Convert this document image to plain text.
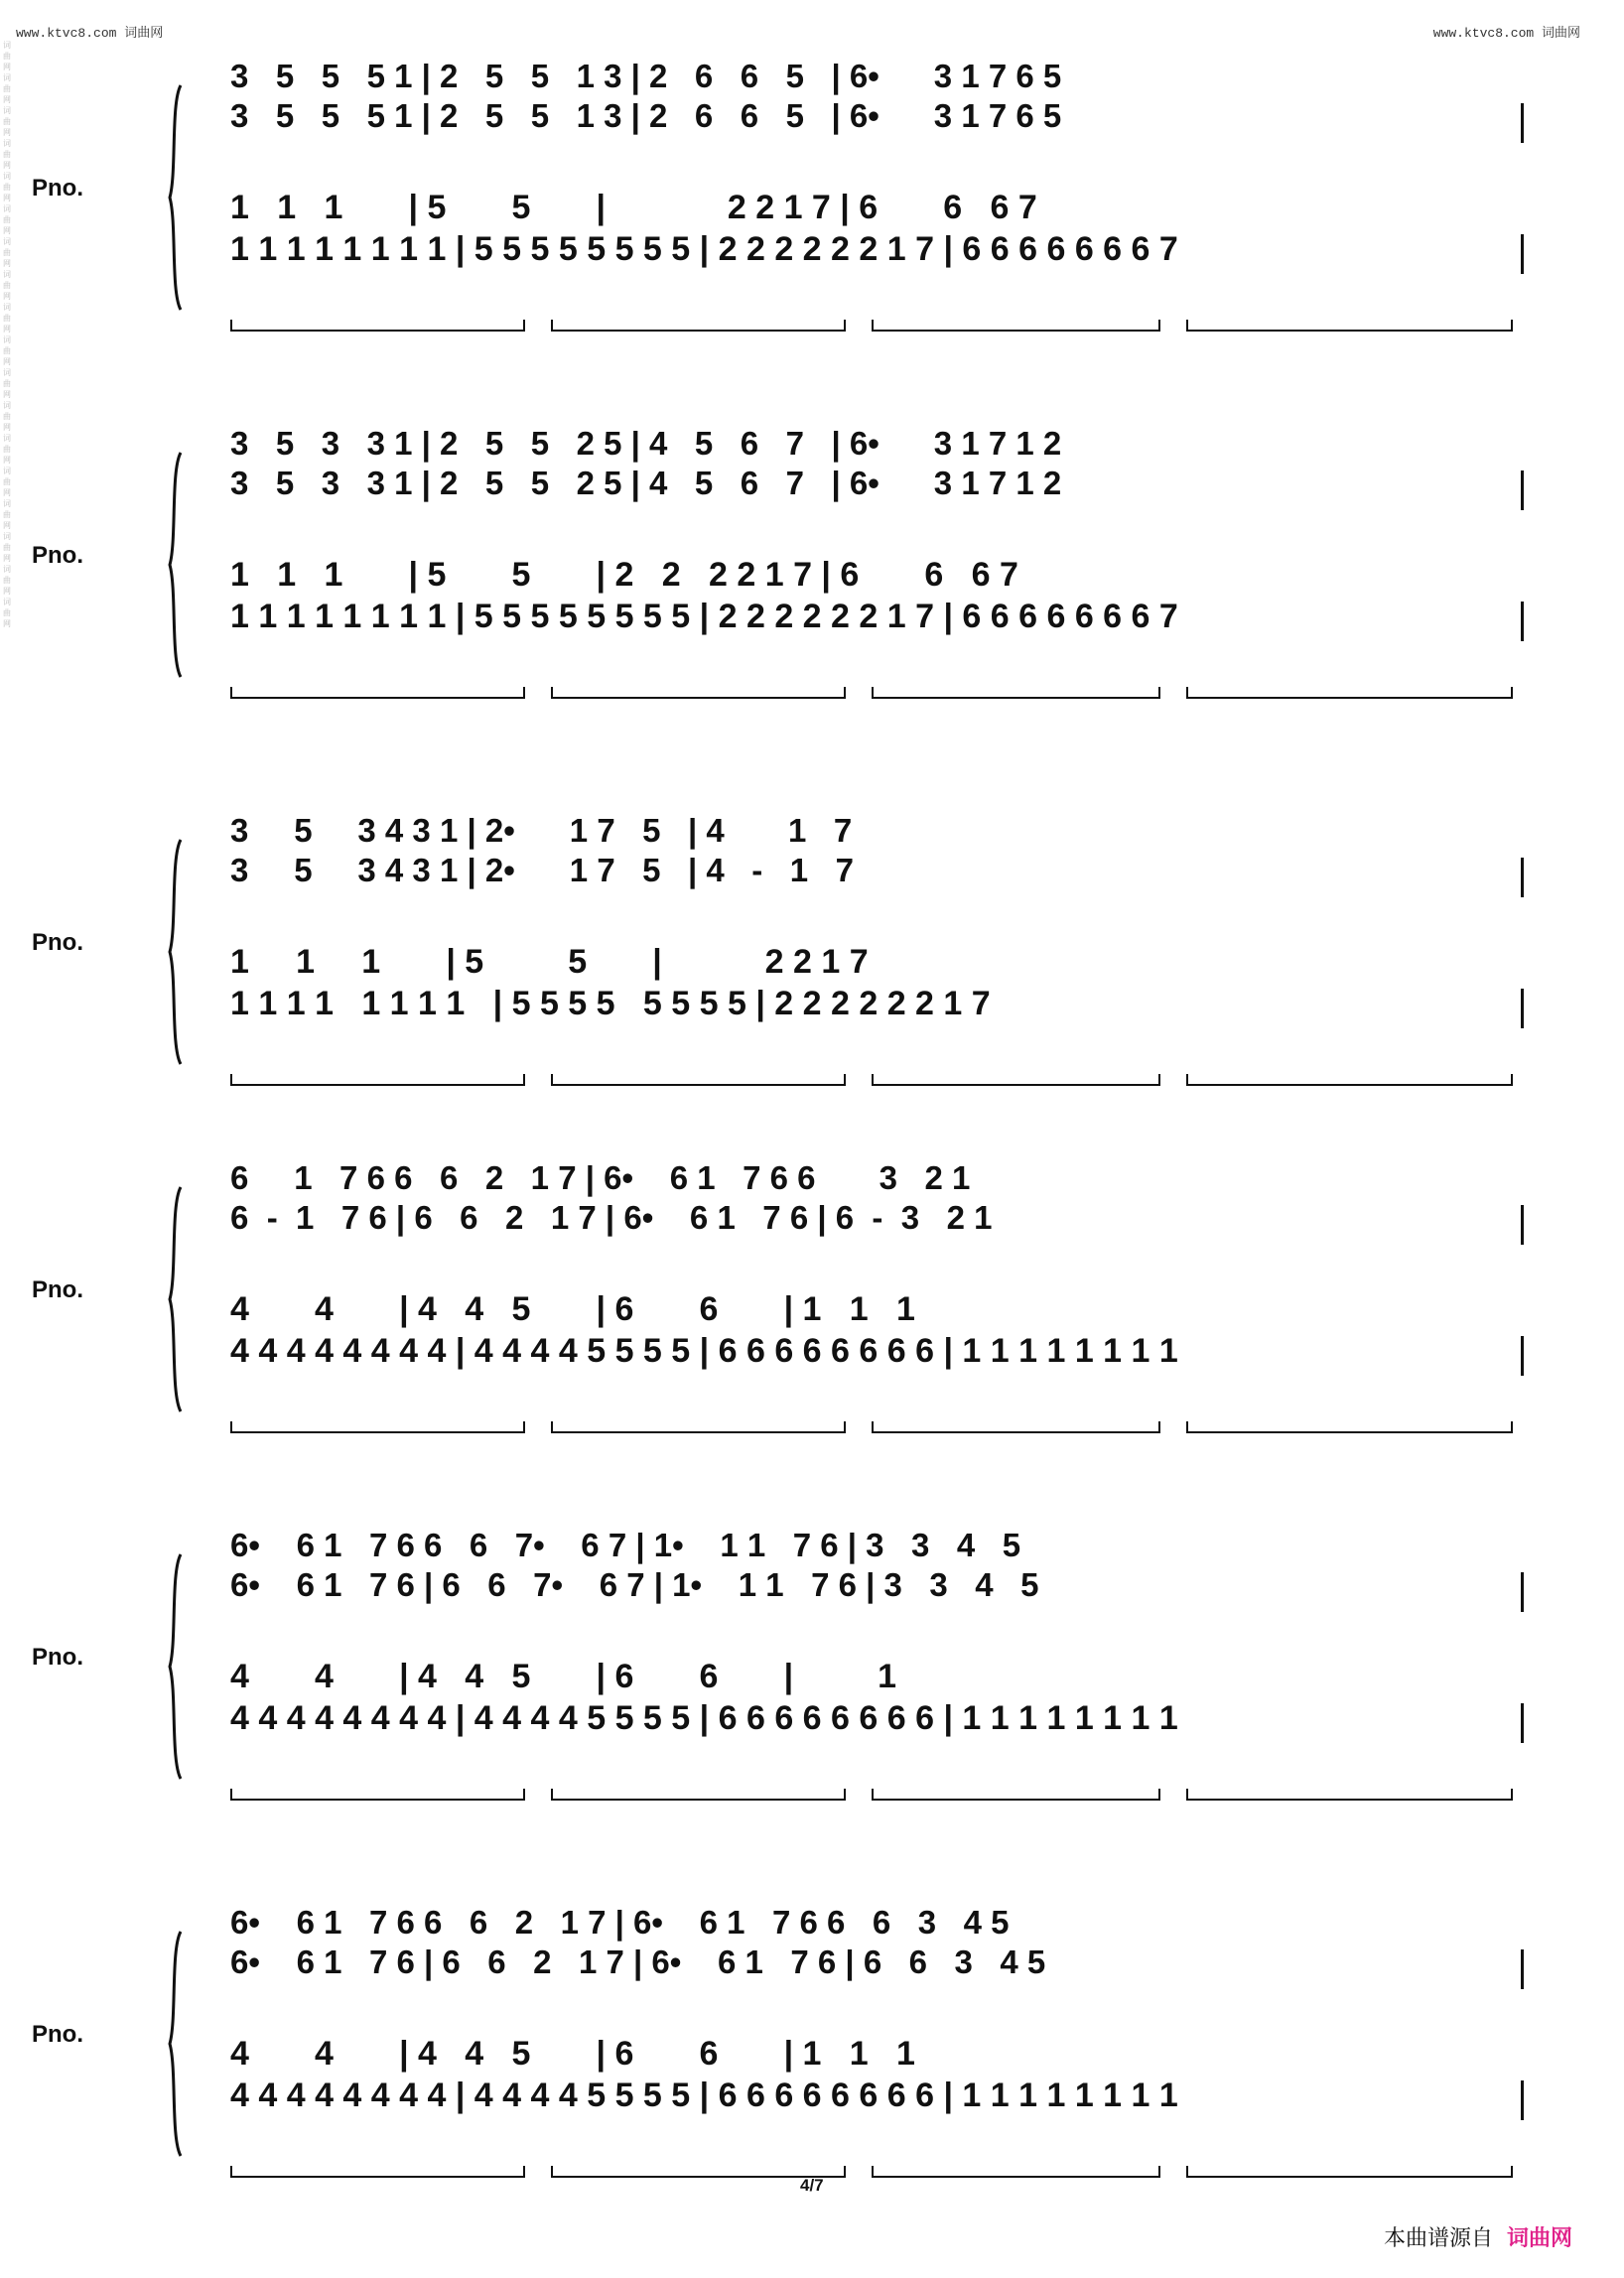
www.ktvc8.com 词曲网	www.ktvc8.com 词曲网
词曲网词曲网词曲网词曲网词曲网词曲网词曲网词曲网词曲网词曲网词曲网词曲网词曲网词曲网词曲网词曲网词曲网词曲网
Pno.
3   5   5   5 1 | 2   5   5   1 3 | 2   6   6   5   | 6•      3 1 7 6 5
3   5   5   5 1 | 2   5   5   1 3 | 2   6   6   5   | 6•      3 1 7 6 5
1   1   1       | 5       5       |             2 2 1 7 | 6       6   6 7
1 1 1 1 1 1 1 1 | 5 5 5 5 5 5 5 5 | 2 2 2 2 2 2 1 7 | 6 6 6 6 6 6 6 7
Pno.
3   5   3   3 1 | 2   5   5   2 5 | 4   5   6   7   | 6•      3 1 7 1 2
3   5   3   3 1 | 2   5   5   2 5 | 4   5   6   7   | 6•      3 1 7 1 2
1   1   1       | 5       5       | 2   2   2 2 1 7 | 6       6   6 7
1 1 1 1 1 1 1 1 | 5 5 5 5 5 5 5 5 | 2 2 2 2 2 2 1 7 | 6 6 6 6 6 6 6 7
Pno.
3     5     3 4 3 1 | 2•      1 7   5   | 4       1   7
3     5     3 4 3 1 | 2•      1 7   5   | 4   -   1   7
1     1     1       | 5         5       |           2 2 1 7
1 1 1 1   1 1 1 1   | 5 5 5 5   5 5 5 5 | 2 2 2 2 2 2 1 7
Pno.
6     1   7 6 6   6   2   1 7 | 6•    6 1   7 6 6       3   2 1
6  -  1   7 6 | 6   6   2   1 7 | 6•    6 1   7 6 | 6  -  3   2 1
4       4       | 4   4   5       | 6       6       | 1   1   1
4 4 4 4 4 4 4 4 | 4 4 4 4 5 5 5 5 | 6 6 6 6 6 6 6 6 | 1 1 1 1 1 1 1 1
Pno.
6•    6 1   7 6 6   6   7•    6 7 | 1•    1 1   7 6 | 3   3   4   5
6•    6 1   7 6 | 6   6   7•    6 7 | 1•    1 1   7 6 | 3   3   4   5
4       4       | 4   4   5       | 6       6       |         1
4 4 4 4 4 4 4 4 | 4 4 4 4 5 5 5 5 | 6 6 6 6 6 6 6 6 | 1 1 1 1 1 1 1 1
Pno.
6•    6 1   7 6 6   6   2   1 7 | 6•    6 1   7 6 6   6   3   4 5
6•    6 1   7 6 | 6   6   2   1 7 | 6•    6 1   7 6 | 6   6   3   4 5
4       4       | 4   4   5       | 6       6       | 1   1   1
4 4 4 4 4 4 4 4 | 4 4 4 4 5 5 5 5 | 6 6 6 6 6 6 6 6 | 1 1 1 1 1 1 1 1
4/7
本曲谱源自 词曲网
